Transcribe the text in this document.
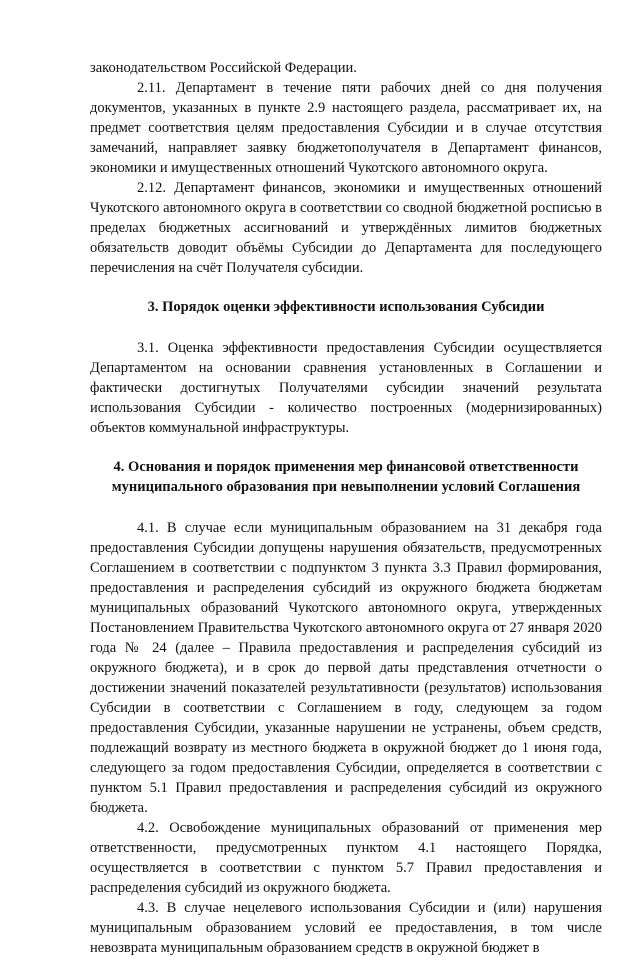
законодательством Российской Федерации.

2.11. Департамент в течение пяти рабочих дней со дня получения документов, указанных в пункте 2.9 настоящего раздела, рассматривает их, на предмет соответствия целям предоставления Субсидии и в случае отсутствия замечаний, направляет заявку бюджетополучателя в Департамент финансов, экономики и имущественных отношений Чукотского автономного округа.

2.12. Департамент финансов, экономики и имущественных отношений Чукотского автономного округа в соответствии со сводной бюджетной росписью в пределах бюджетных ассигнований и утверждённых лимитов бюджетных обязательств доводит объёмы Субсидии до Департамента для последующего перечисления на счёт Получателя субсидии.

3. Порядок оценки эффективности использования Субсидии

3.1. Оценка эффективности предоставления Субсидии осуществляется Департаментом на основании сравнения установленных в Соглашении и фактически достигнутых Получателями субсидии значений результата использования Субсидии - количество построенных (модернизированных) объектов коммунальной инфраструктуры.

4. Основания и порядок применения мер финансовой ответственности
муниципального образования при невыполнении условий Соглашения

4.1. В случае если муниципальным образованием на 31 декабря года предоставления Субсидии допущены нарушения обязательств, предусмотренных Соглашением в соответствии с подпунктом 3 пункта 3.3 Правил формирования, предоставления и распределения субсидий из окружного бюджета бюджетам муниципальных образований Чукотского автономного округа, утвержденных Постановлением Правительства Чукотского автономного округа от 27 января 2020 года № 24 (далее – Правила предоставления и распределения субсидий из окружного бюджета), и в срок до первой даты представления отчетности о достижении значений показателей результативности (результатов) использования Субсидии в соответствии с Соглашением в году, следующем за годом предоставления Субсидии, указанные нарушении не устранены, объем средств, подлежащий возврату из местного бюджета в окружной бюджет до 1 июня года, следующего за годом предоставления Субсидии, определяется в соответствии с пунктом 5.1 Правил предоставления и распределения субсидий из окружного бюджета.

4.2. Освобождение муниципальных образований от применения мер ответственности, предусмотренных пунктом 4.1 настоящего Порядка, осуществляется в соответствии с пунктом 5.7 Правил предоставления и распределения субсидий из окружного бюджета.

4.3. В случае нецелевого использования Субсидии и (или) нарушения муниципальным образованием условий ее предоставления, в том числе невозврата муниципальным образованием средств в окружной бюджет в
